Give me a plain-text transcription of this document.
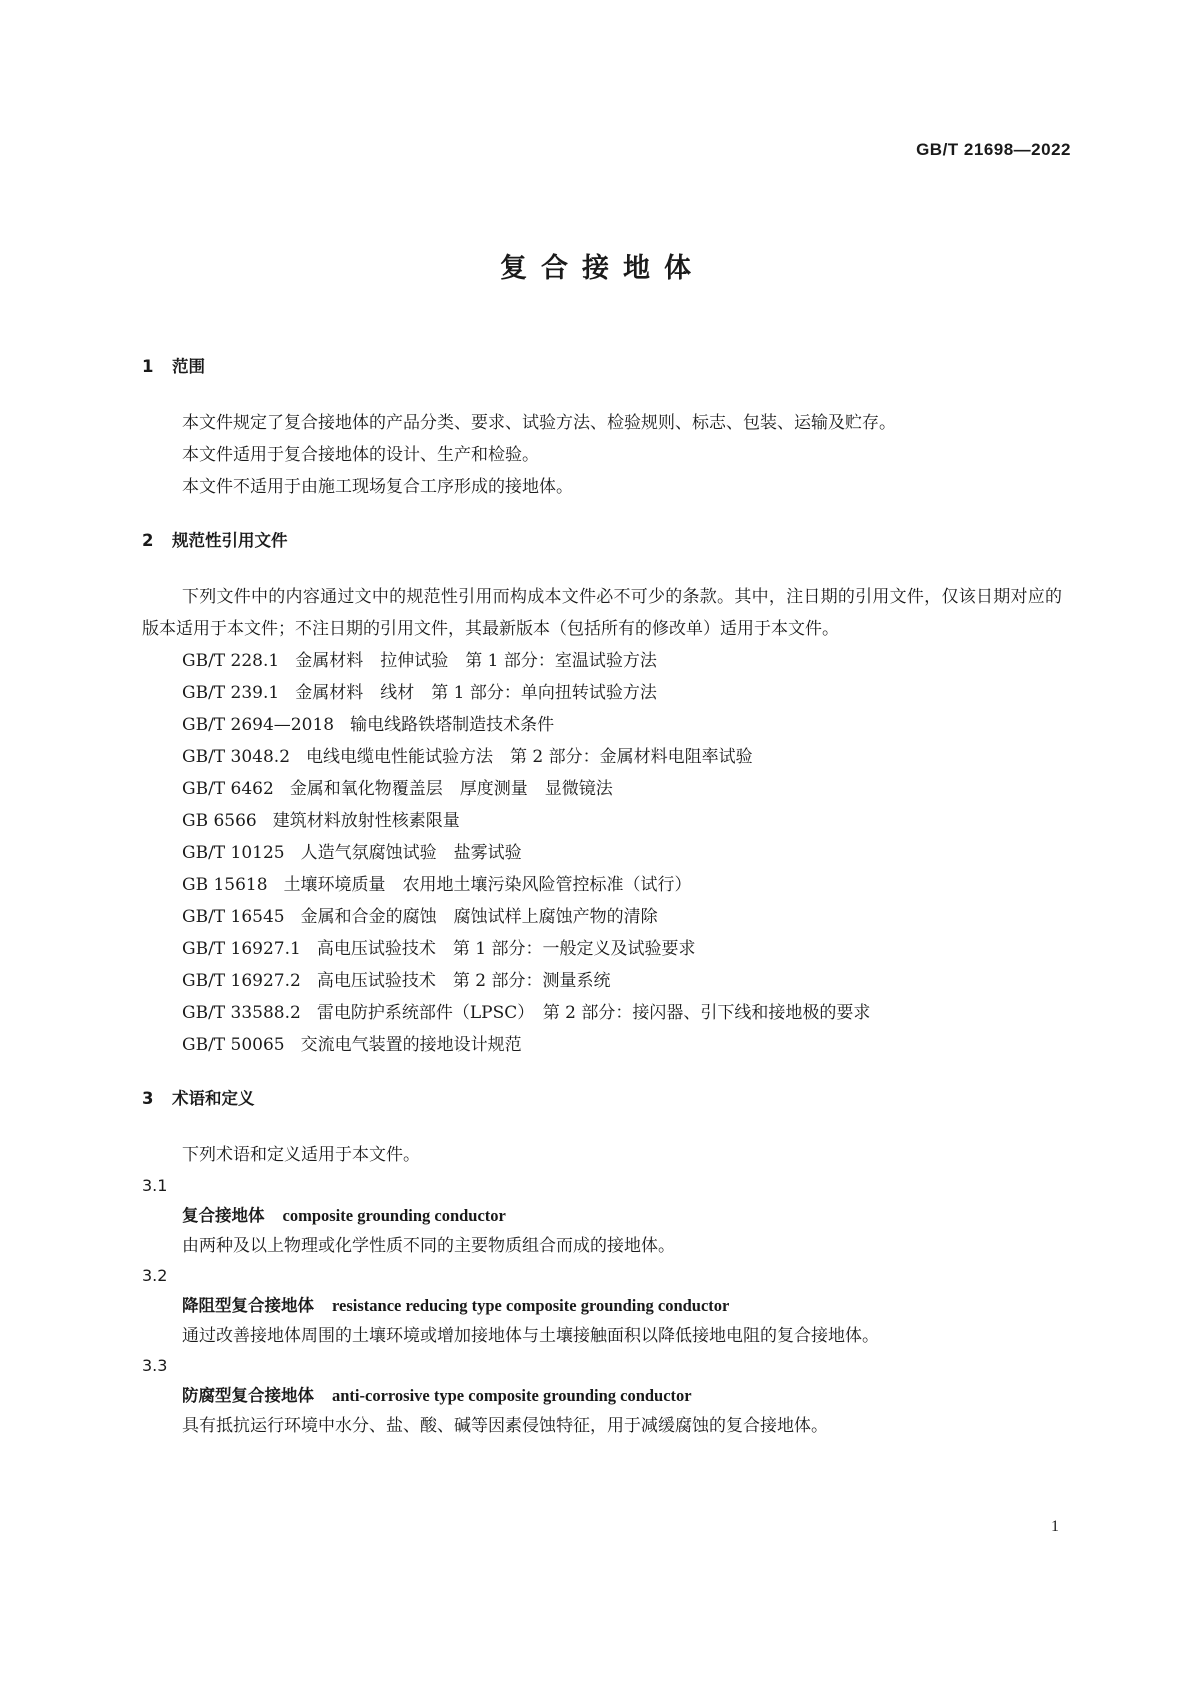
GB/T 21698—2022
复合接地体
1	范围
本文件规定了复合接地体的产品分类、要求、试验方法、检验规则、标志、包装、运输及贮存。
本文件适用于复合接地体的设计、生产和检验。
本文件不适用于由施工现场复合工序形成的接地体。
2	规范性引用文件
下列文件中的内容通过文中的规范性引用而构成本文件必不可少的条款。其中，注日期的引用文件，仅该日期对应的版本适用于本文件；不注日期的引用文件，其最新版本（包括所有的修改单）适用于本文件。
GB/T 228.1 金属材料　拉伸试验　第 1 部分：室温试验方法
GB/T 239.1 金属材料　线材　第 1 部分：单向扭转试验方法
GB/T 2694—2018 输电线路铁塔制造技术条件
GB/T 3048.2 电线电缆电性能试验方法　第 2 部分：金属材料电阻率试验
GB/T 6462 金属和氧化物覆盖层　厚度测量　显微镜法
GB 6566 建筑材料放射性核素限量
GB/T 10125 人造气氛腐蚀试验　盐雾试验
GB 15618 土壤环境质量　农用地土壤污染风险管控标准（试行）
GB/T 16545 金属和合金的腐蚀　腐蚀试样上腐蚀产物的清除
GB/T 16927.1 高电压试验技术　第 1 部分：一般定义及试验要求
GB/T 16927.2 高电压试验技术　第 2 部分：测量系统
GB/T 33588.2 雷电防护系统部件（LPSC）　第 2 部分：接闪器、引下线和接地极的要求
GB/T 50065 交流电气装置的接地设计规范
3	术语和定义
下列术语和定义适用于本文件。
3.1
复合接地体 composite grounding conductor
由两种及以上物理或化学性质不同的主要物质组合而成的接地体。
3.2
降阻型复合接地体 resistance reducing type composite grounding conductor
通过改善接地体周围的土壤环境或增加接地体与土壤接触面积以降低接地电阻的复合接地体。
3.3
防腐型复合接地体 anti-corrosive type composite grounding conductor
具有抵抗运行环境中水分、盐、酸、碱等因素侵蚀特征，用于减缓腐蚀的复合接地体。
1
